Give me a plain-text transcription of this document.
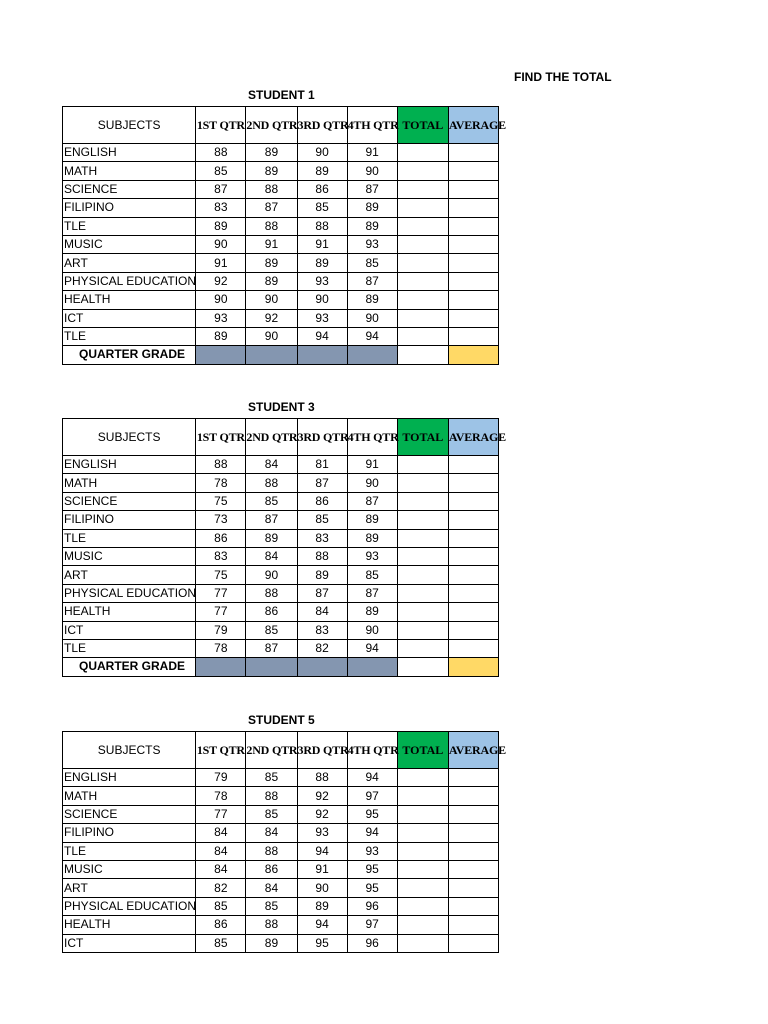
FIND THE TOTAL
STUDENT 1
SUBJECTS	1ST QTR	2ND QTR	3RD QTR	4TH QTR	TOTAL	AVERAGE
ENGLISH	88	89	90	91		
MATH	85	89	89	90		
SCIENCE	87	88	86	87		
FILIPINO	83	87	85	89		
TLE	89	88	88	89		
MUSIC	90	91	91	93		
ART	91	89	89	85		
PHYSICAL EDUCATION	92	89	93	87		
HEALTH	90	90	90	89		
ICT	93	92	93	90		
TLE	89	90	94	94		
QUARTER GRADE						
STUDENT 3
SUBJECTS	1ST QTR	2ND QTR	3RD QTR	4TH QTR	TOTAL	AVERAGE
ENGLISH	88	84	81	91		
MATH	78	88	87	90		
SCIENCE	75	85	86	87		
FILIPINO	73	87	85	89		
TLE	86	89	83	89		
MUSIC	83	84	88	93		
ART	75	90	89	85		
PHYSICAL EDUCATION	77	88	87	87		
HEALTH	77	86	84	89		
ICT	79	85	83	90		
TLE	78	87	82	94		
QUARTER GRADE						
STUDENT 5
SUBJECTS	1ST QTR	2ND QTR	3RD QTR	4TH QTR	TOTAL	AVERAGE
ENGLISH	79	85	88	94		
MATH	78	88	92	97		
SCIENCE	77	85	92	95		
FILIPINO	84	84	93	94		
TLE	84	88	94	93		
MUSIC	84	86	91	95		
ART	82	84	90	95		
PHYSICAL EDUCATION	85	85	89	96		
HEALTH	86	88	94	97		
ICT	85	89	95	96		
